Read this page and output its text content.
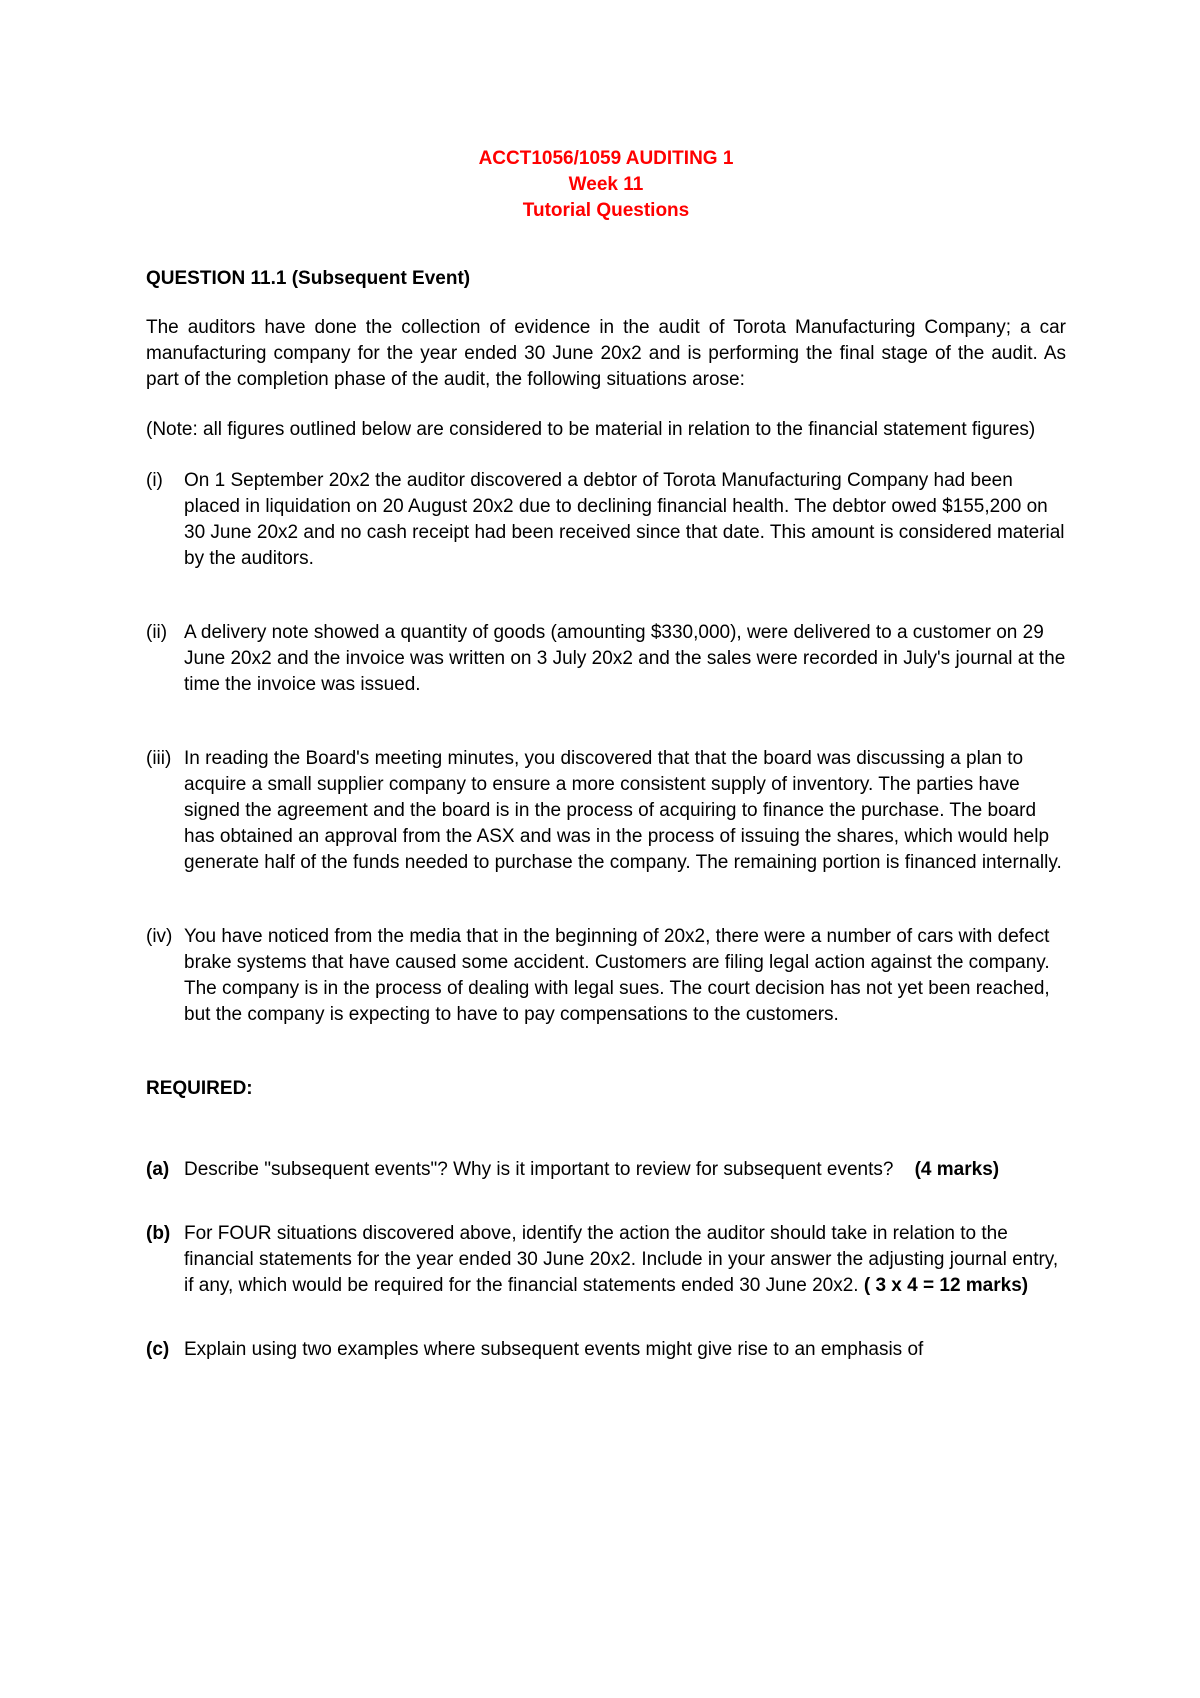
ACCT1056/1059 AUDITING 1
Week 11
Tutorial Questions
QUESTION 11.1 (Subsequent Event)
The auditors have done the collection of evidence in the audit of Torota Manufacturing Company; a car manufacturing company for the year ended 30 June 20x2 and is performing the final stage of the audit. As part of the completion phase of the audit, the following situations arose:
(Note: all figures outlined below are considered to be material in relation to the financial statement figures)
(i)	On 1 September 20x2 the auditor discovered a debtor of Torota Manufacturing Company had been placed in liquidation on 20 August 20x2 due to declining financial health. The debtor owed $155,200 on 30 June 20x2 and no cash receipt had been received since that date. This amount is considered material by the auditors.
(ii) A delivery note showed a quantity of goods (amounting $330,000), were delivered to a customer on 29 June 20x2 and the invoice was written on 3 July 20x2 and the sales were recorded in July's journal at the time the invoice was issued.
(iii) In reading the Board's meeting minutes, you discovered that that the board was discussing a plan to acquire a small supplier company to ensure a more consistent supply of inventory. The parties have signed the agreement and the board is in the process of acquiring to finance the purchase. The board has obtained an approval from the ASX and was in the process of issuing the shares, which would help generate half of the funds needed to purchase the company. The remaining portion is financed internally.
(iv) You have noticed from the media that in the beginning of 20x2, there were a number of cars with defect brake systems that have caused some accident. Customers are filing legal action against the company. The company is in the process of dealing with legal sues. The court decision has not yet been reached, but the company is expecting to have to pay compensations to the customers.
REQUIRED:
(a) Describe "subsequent events"? Why is it important to review for subsequent events? (4 marks)
(b) For FOUR situations discovered above, identify the action the auditor should take in relation to the financial statements for the year ended 30 June 20x2. Include in your answer the adjusting journal entry, if any, which would be required for the financial statements ended 30 June 20x2. ( 3 x 4 = 12 marks)
(c) Explain using two examples where subsequent events might give rise to an emphasis of
